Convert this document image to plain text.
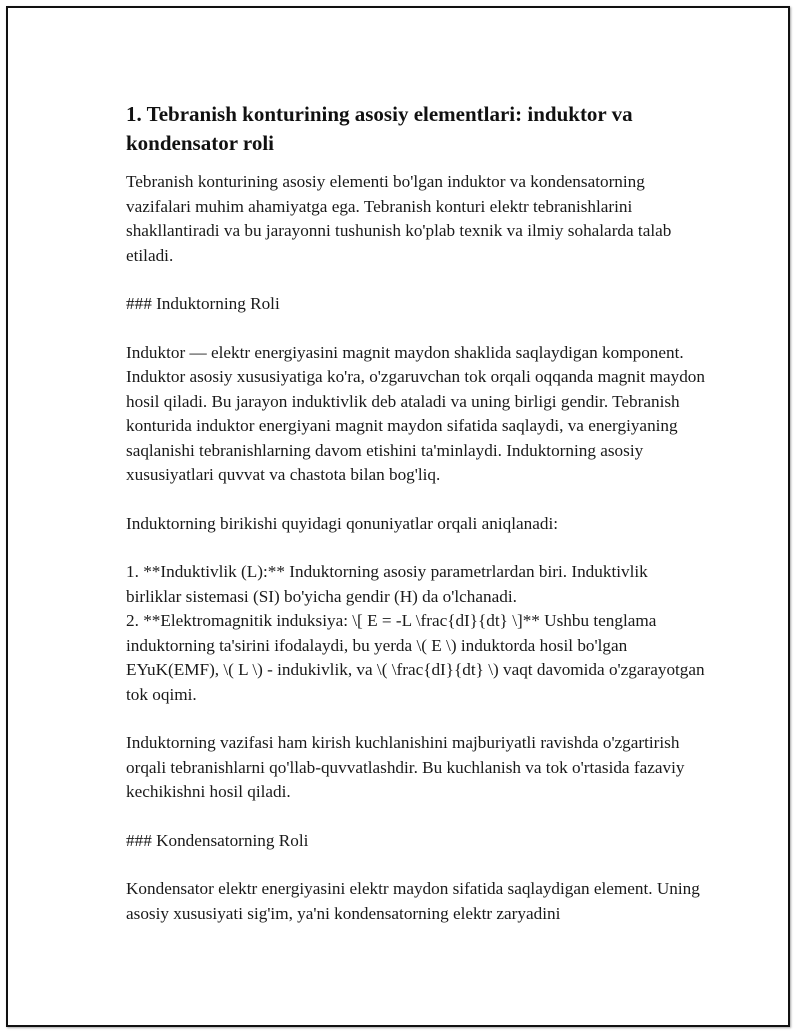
1. Tebranish konturining asosiy elementlari: induktor va kondensator roli

Tebranish konturining asosiy elementi bo'lgan induktor va kondensatorning vazifalari muhim ahamiyatga ega. Tebranish konturi elektr tebranishlarini shakllantiradi va bu jarayonni tushunish ko'plab texnik va ilmiy sohalarda talab etiladi.

### Induktorning Roli

Induktor — elektr energiyasini magnit maydon shaklida saqlaydigan komponent. Induktor asosiy xususiyatiga ko'ra, o'zgaruvchan tok orqali oqqanda magnit maydon hosil qiladi. Bu jarayon induktivlik deb ataladi va uning birligi gendir. Tebranish konturida induktor energiyani magnit maydon sifatida saqlaydi, va energiyaning saqlanishi tebranishlarning davom etishini ta'minlaydi. Induktorning asosiy xususiyatlari quvvat va chastota bilan bog'liq.

Induktorning birikishi quyidagi qonuniyatlar orqali aniqlanadi:

1. **Induktivlik (L):** Induktorning asosiy parametrlardan biri. Induktivlik birliklar sistemasi (SI) bo'yicha gendir (H) da o'lchanadi.
2. **Elektromagnitik induksiya: \[ E = -L \frac{dI}{dt} \]** Ushbu tenglama induktorning ta'sirini ifodalaydi, bu yerda \( E \) induktorda hosil bo'lgan EYuK(EMF), \( L \) - indukivlik, va \( \frac{dI}{dt} \) vaqt davomida o'zgarayotgan tok oqimi.

Induktorning vazifasi ham kirish kuchlanishini majburiyatli ravishda o'zgartirish orqali tebranishlarni qo'llab-quvvatlashdir. Bu kuchlanish va tok o'rtasida fazaviy kechikishni hosil qiladi.

### Kondensatorning Roli

Kondensator elektr energiyasini elektr maydon sifatida saqlaydigan element. Uning asosiy xususiyati sig'im, ya'ni kondensatorning elektr zaryadini
